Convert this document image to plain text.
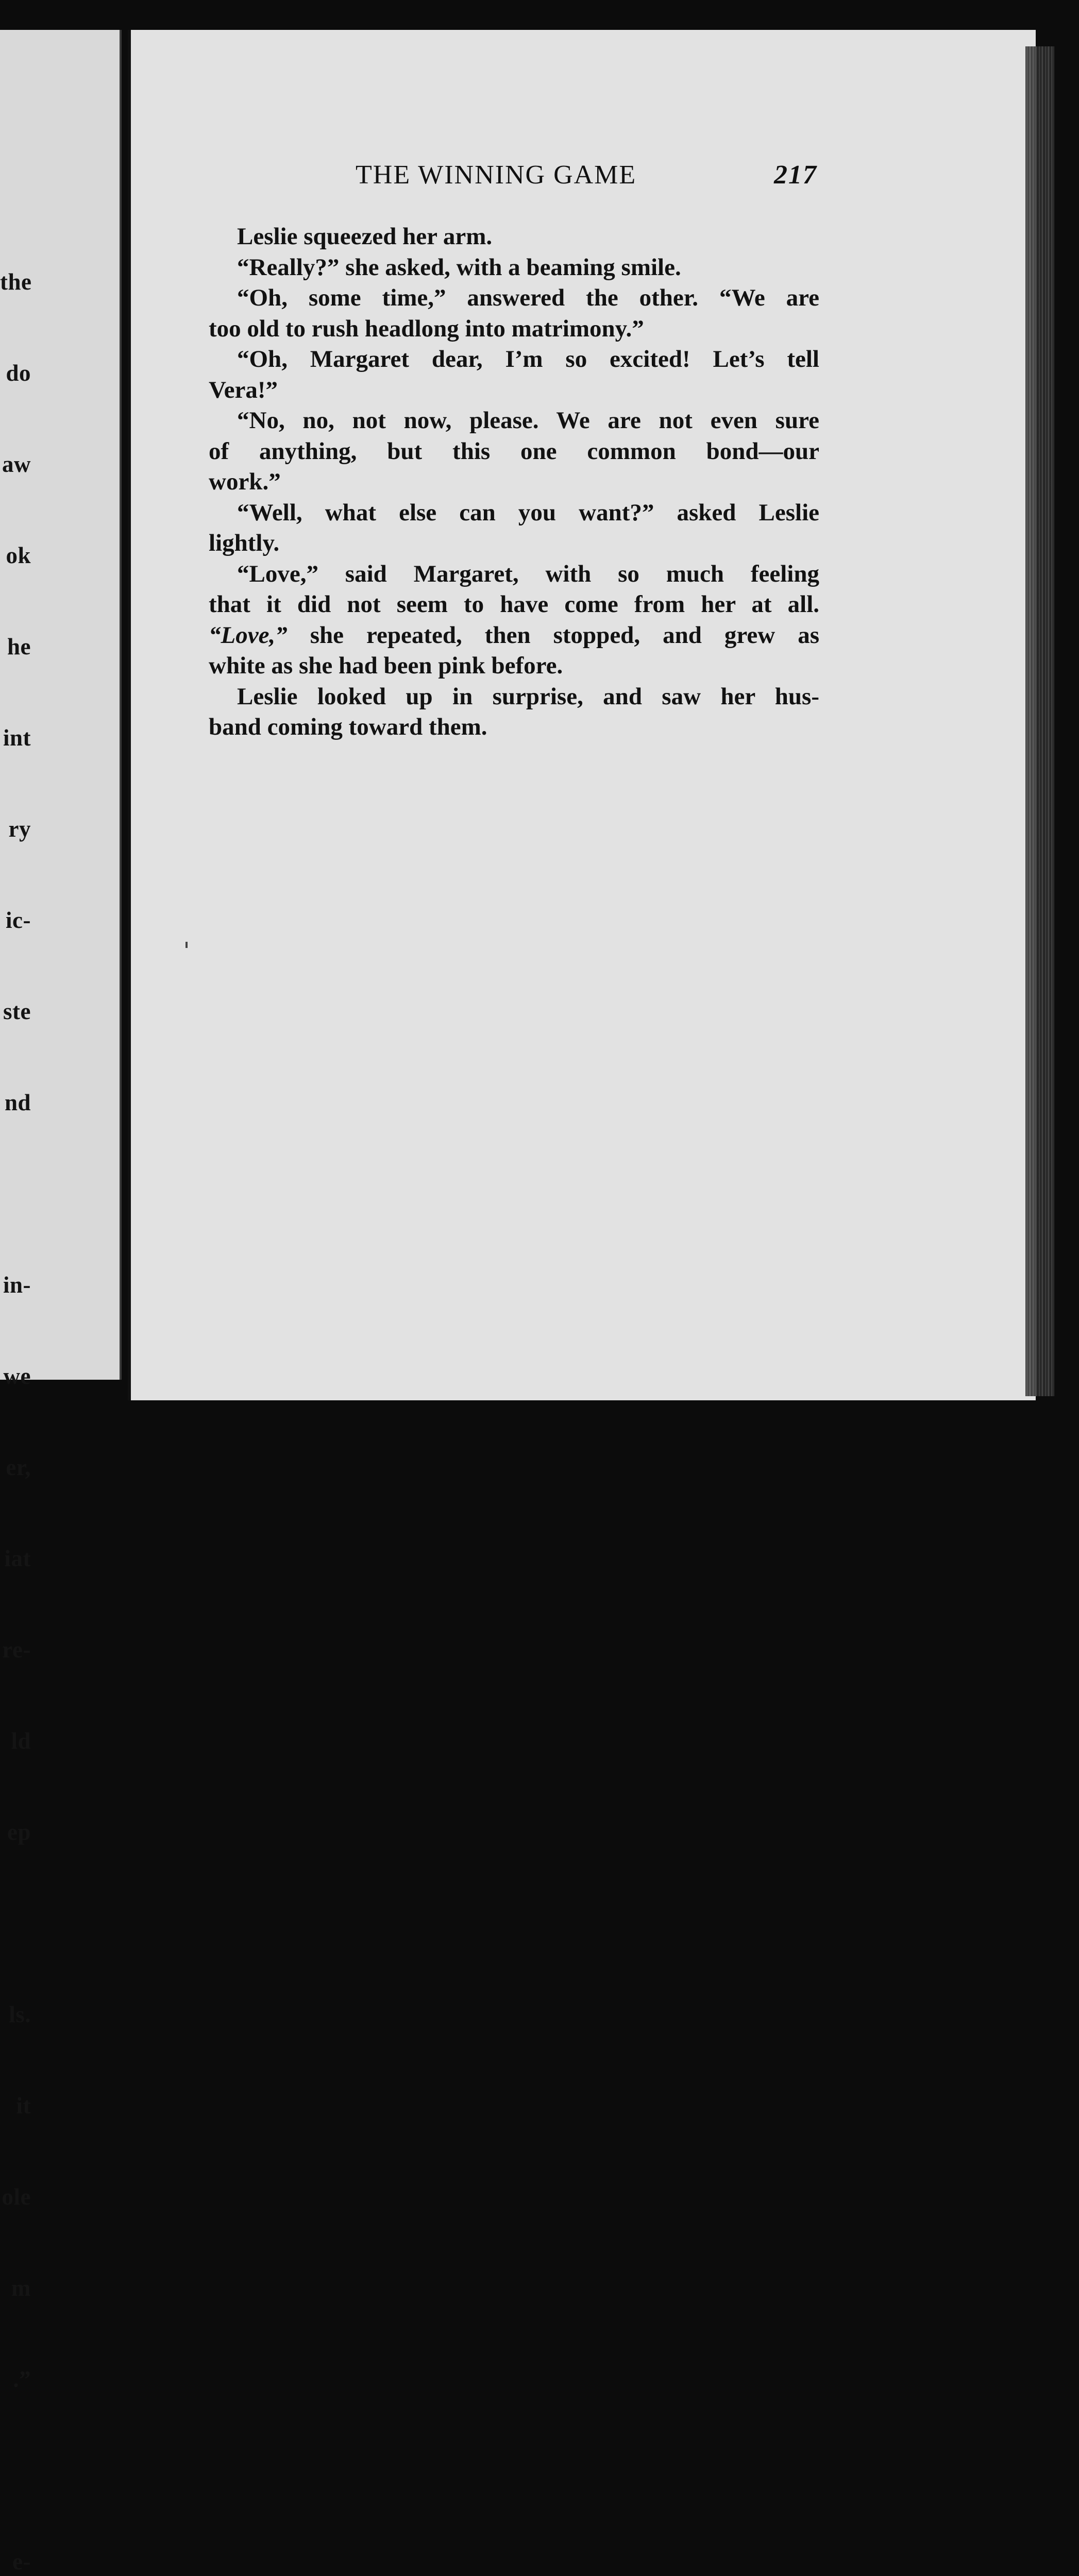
the

do

aw

ok

he

int

ry

ic-

ste

nd

in-

we

er,

iat

re-

ld

ep

ls.

it

ole

m

.”

e-

THE WINNING GAME	217
Leslie squeezed her arm.
“Really?” she asked, with a beaming smile.
“Oh, some time,” answered the other. “We are
too old to rush headlong into matrimony.”
“Oh, Margaret dear, I’m so excited! Let’s tell
Vera!”
“No, no, not now, please. We are not even sure
of anything, but this one common bond—our
work.”
“Well, what else can you want?” asked Leslie
lightly.
“Love,” said Margaret, with so much feeling
that it did not seem to have come from her at all.
“Love,” she repeated, then stopped, and grew as
white as she had been pink before.
Leslie looked up in surprise, and saw her hus-
band coming toward them.
